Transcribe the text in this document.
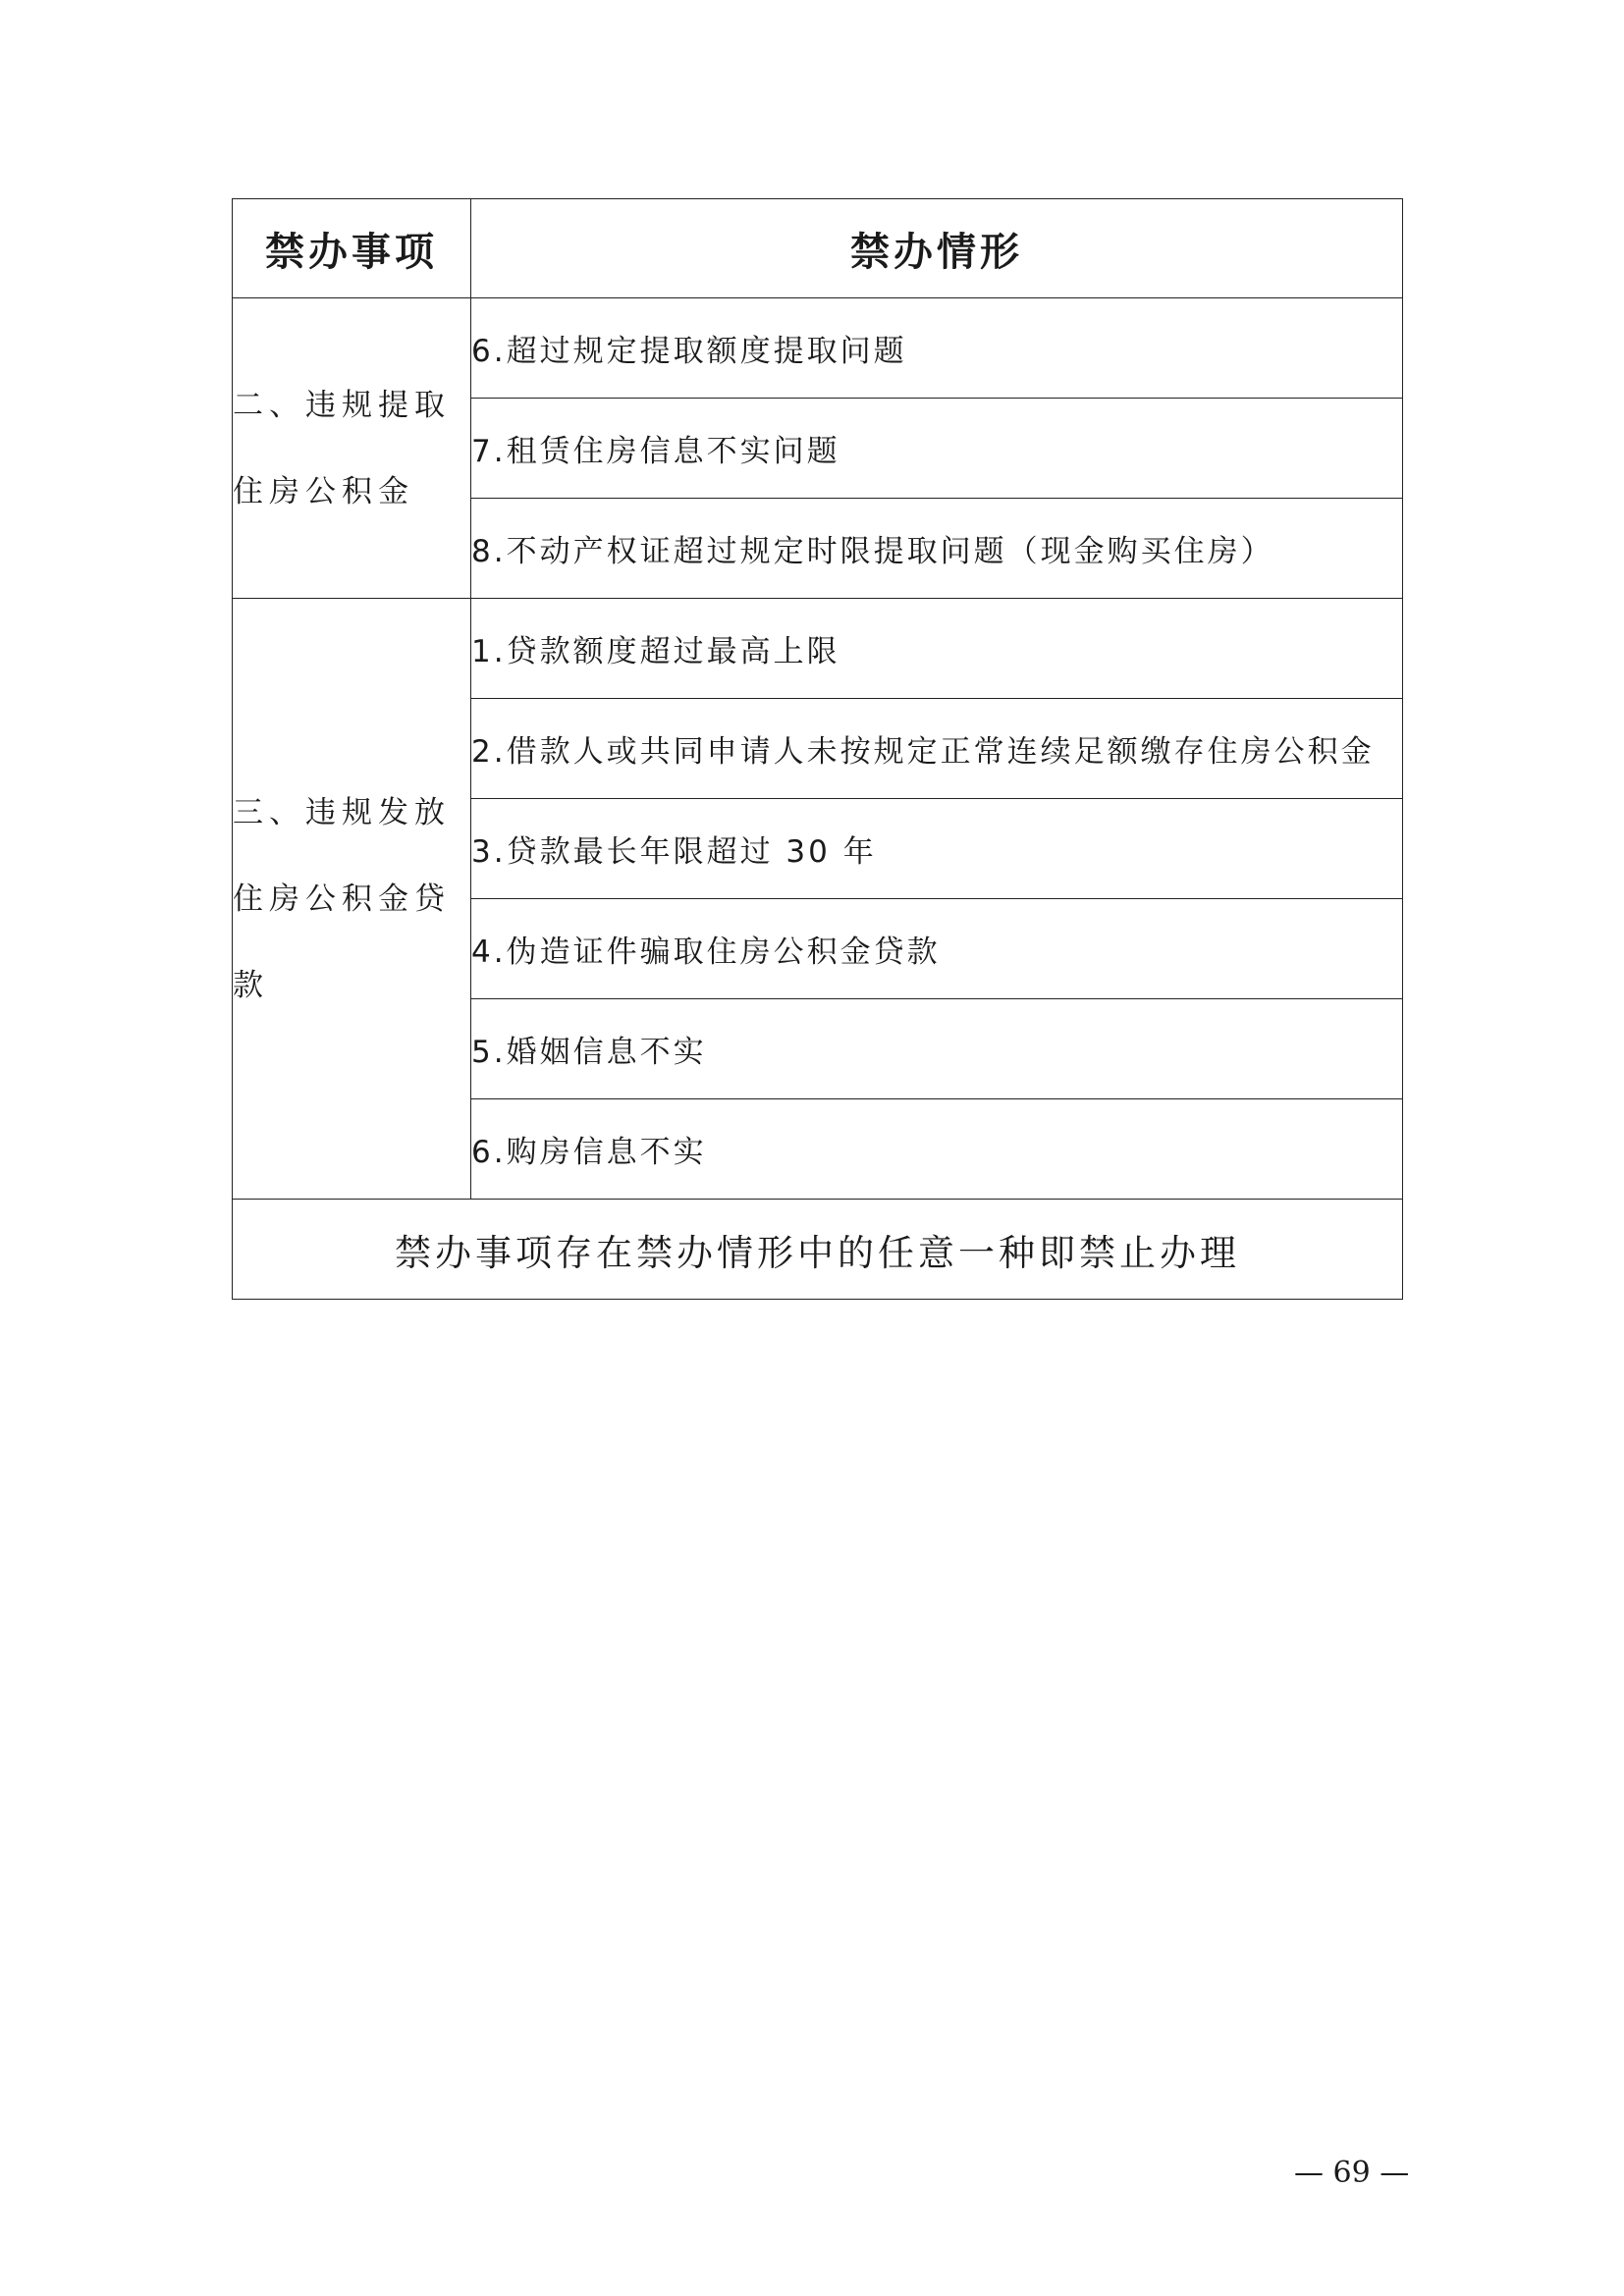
禁办事项	禁办情形

二、违规提取
住房公积金	6.超过规定提取额度提取问题
	7.租赁住房信息不实问题
	8.不动产权证超过规定时限提取问题（现金购买住房）

三、违规发放
住房公积金贷
款	1.贷款额度超过最高上限
	2.借款人或共同申请人未按规定正常连续足额缴存住房公积金
	3.贷款最长年限超过 30 年
	4.伪造证件骗取住房公积金贷款
	5.婚姻信息不实
	6.购房信息不实
禁办事项存在禁办情形中的任意一种即禁止办理	
— 69 —
